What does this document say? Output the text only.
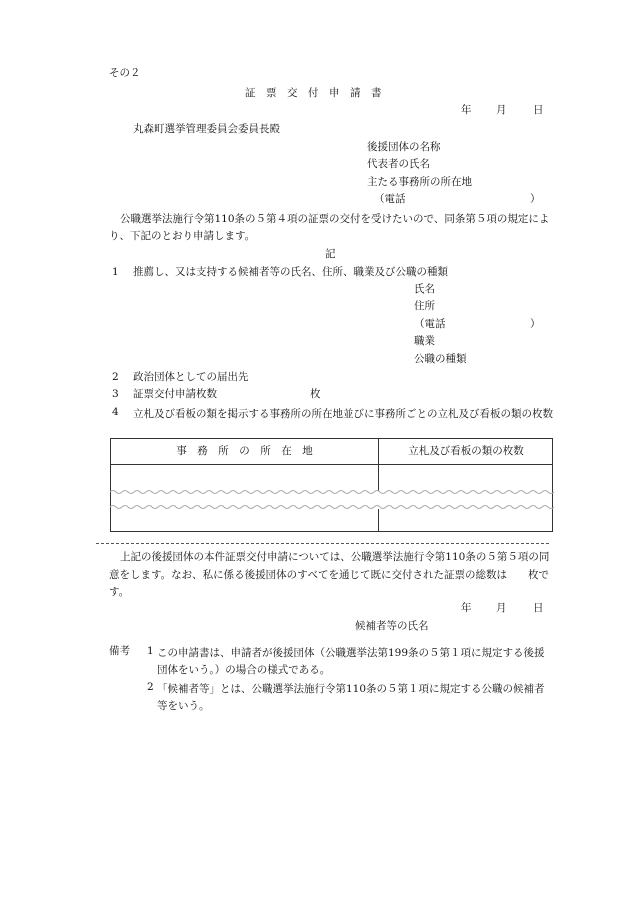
その２
証　票　交　付　申　請　書
年 月	日
丸森町選挙管理委員会委員長殿
後援団体の名称
代表者の氏名
主たる事務所の所在地
（電話	）
公職選挙法施行令第110条の５第４項の証票の交付を受けたいので、同条第５項の規定により、下記のとおり申請します。
記
1 推薦し、又は支持する候補者等の氏名、住所、職業及び公職の種類
氏名
住所
（電話	）
職業
公職の種類
2 政治団体としての届出先
3 証票交付申請枚数	枚
4	立札及び看板の類を掲示する事務所の所在地並びに事務所ごとの立札及び看板の類の枚数
事　務　所　の　所　在　地	立札及び看板の類の枚数
上記の後援団体の本件証票交付申請については、公職選挙法施行令第110条の５第５項の同意をします。なお、私に係る後援団体のすべてを通じて既に交付された証票の総数は　　枚です。
年 月	日
候補者等の氏名
備考 1 この申請書は、申請者が後援団体（公職選挙法第199条の５第１項に規定する後援団体をいう。）の場合の様式である。
2 「候補者等」とは、公職選挙法施行令第110条の５第１項に規定する公職の候補者等をいう。
